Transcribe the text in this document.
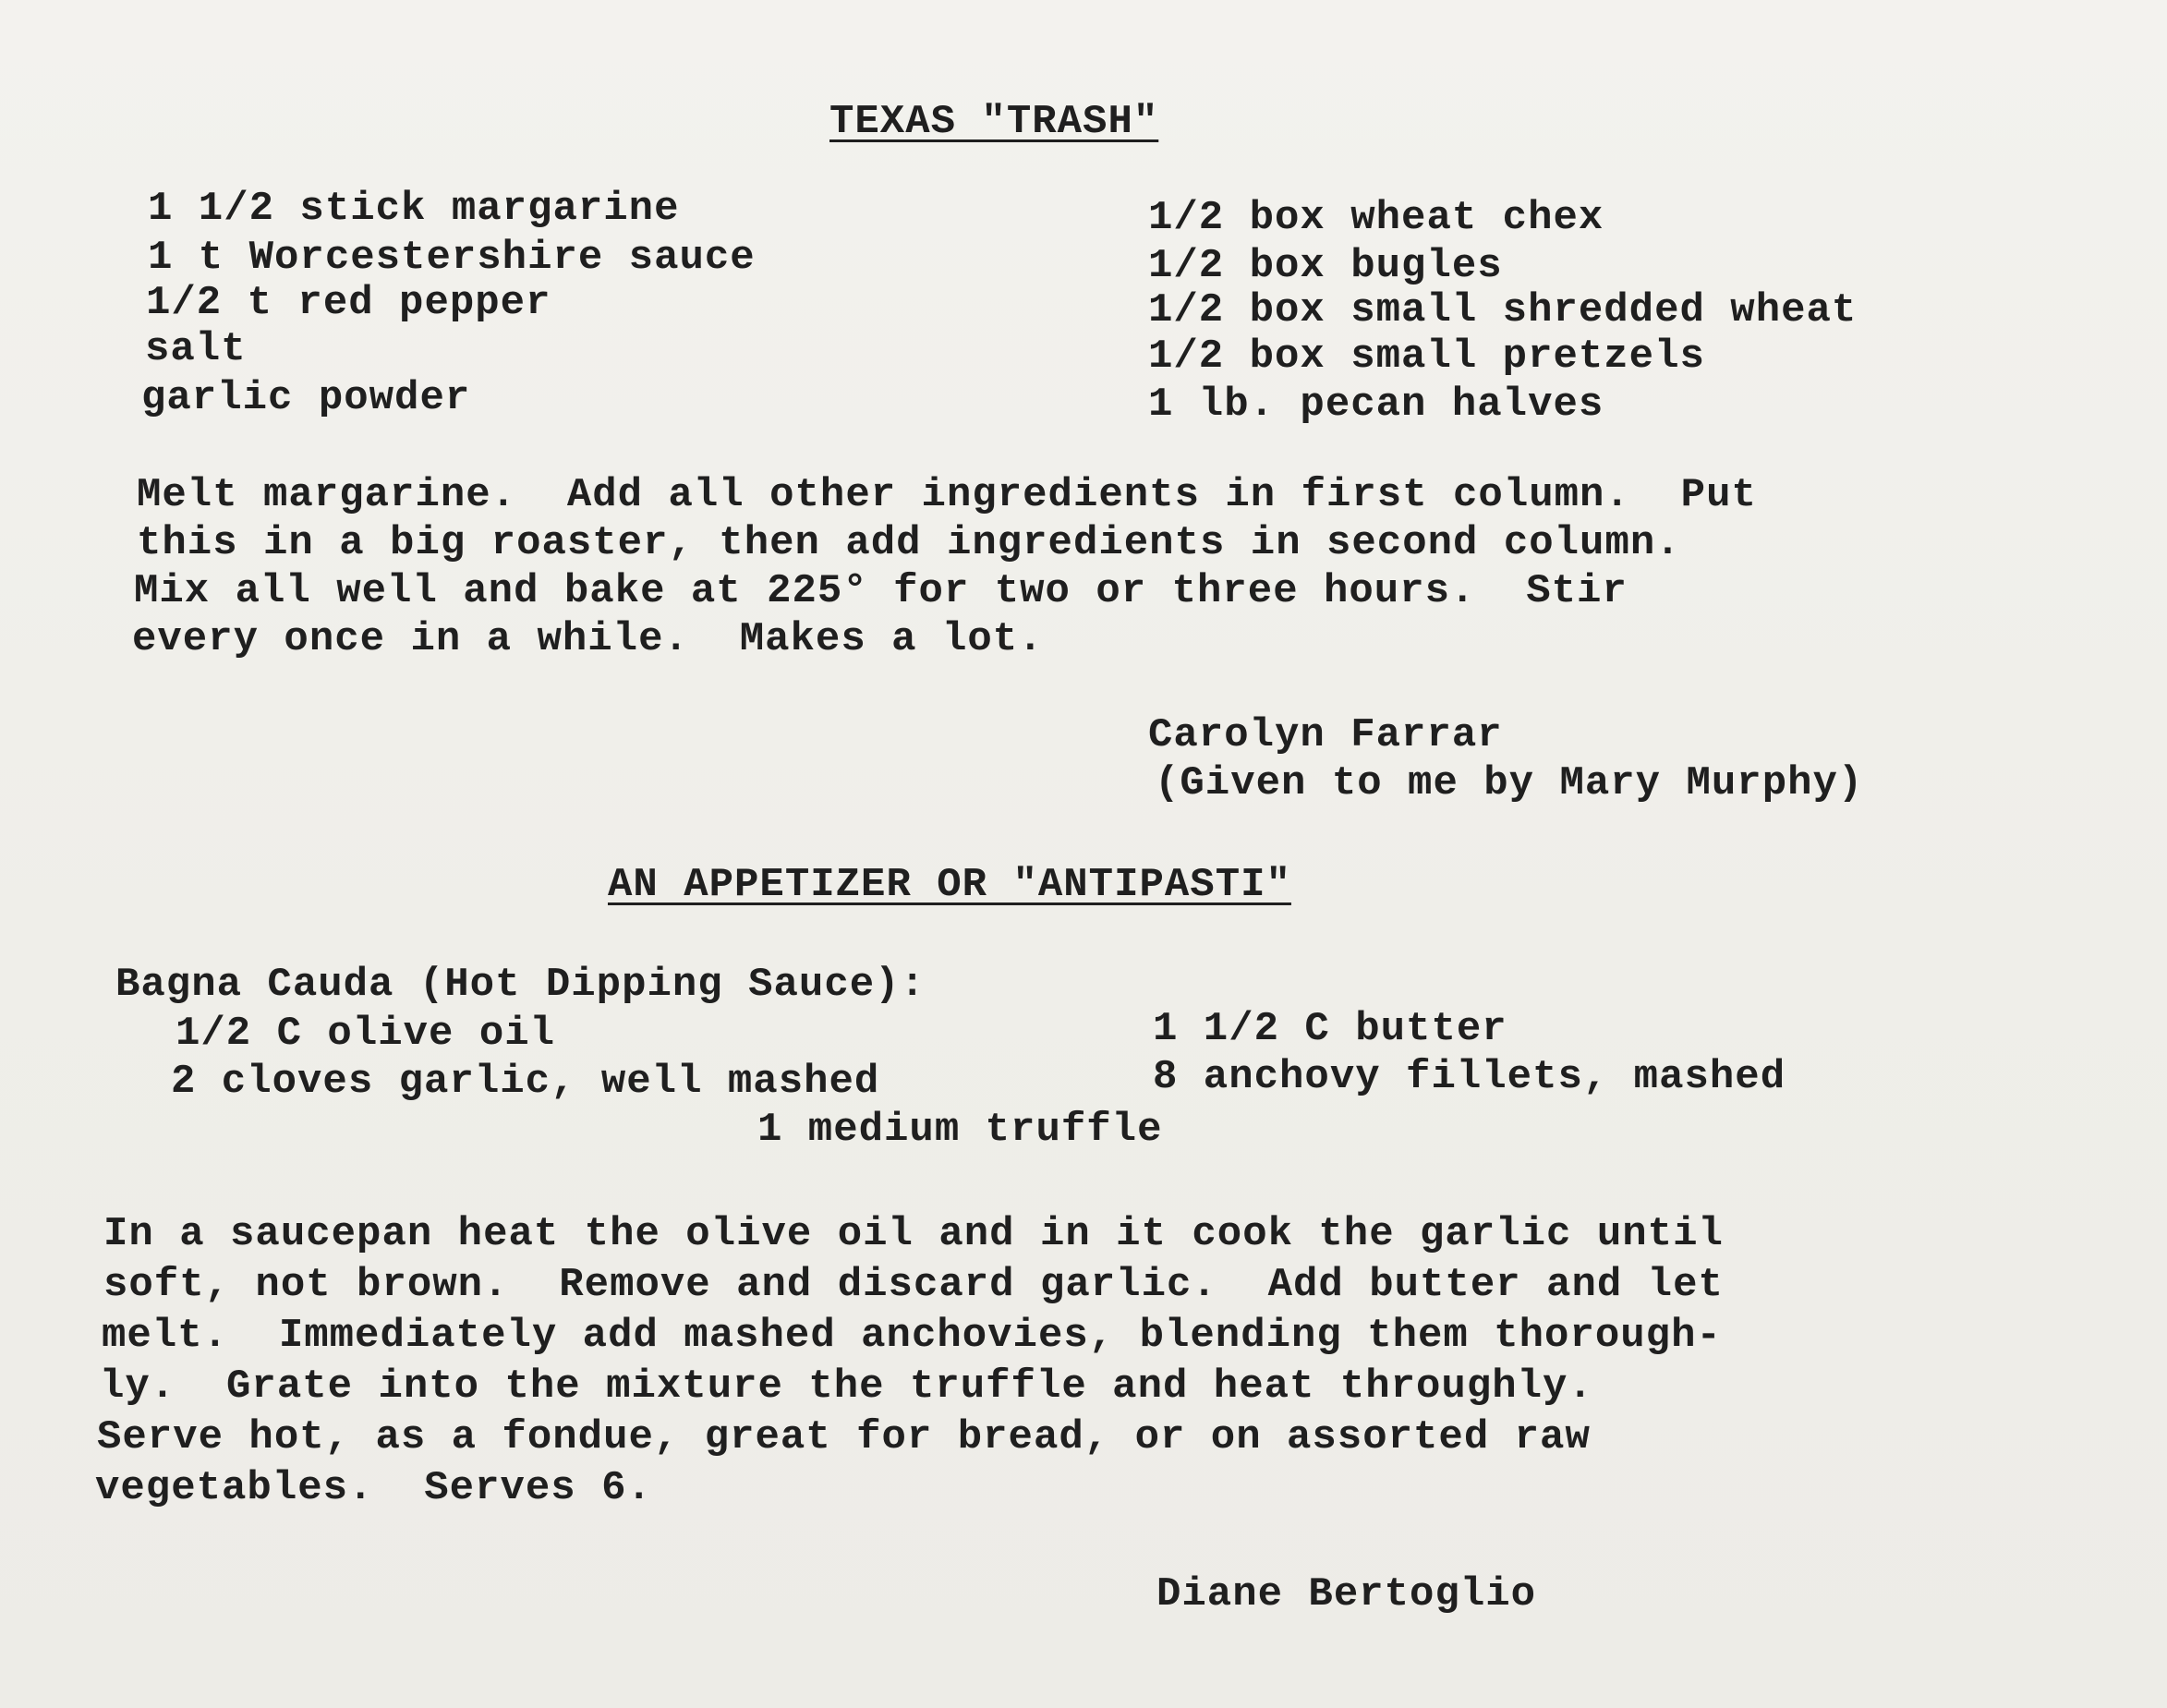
TEXAS "TRASH"
1 1/2 stick margarine
1 t Worcestershire sauce
1/2 t red pepper
salt
garlic powder
1/2 box wheat chex
1/2 box bugles
1/2 box small shredded wheat
1/2 box small pretzels
1 lb. pecan halves
Melt margarine.  Add all other ingredients in first column.  Put
this in a big roaster, then add ingredients in second column.
Mix all well and bake at 225° for two or three hours.  Stir
every once in a while.  Makes a lot.
Carolyn Farrar
(Given to me by Mary Murphy)
AN APPETIZER OR "ANTIPASTI"
Bagna Cauda (Hot Dipping Sauce):
1/2 C olive oil
2 cloves garlic, well mashed
1 1/2 C butter
8 anchovy fillets, mashed
1 medium truffle
In a saucepan heat the olive oil and in it cook the garlic until
soft, not brown.  Remove and discard garlic.  Add butter and let
melt.  Immediately add mashed anchovies, blending them thorough-
ly.  Grate into the mixture the truffle and heat throughly.
Serve hot, as a fondue, great for bread, or on assorted raw
vegetables.  Serves 6.
Diane Bertoglio
